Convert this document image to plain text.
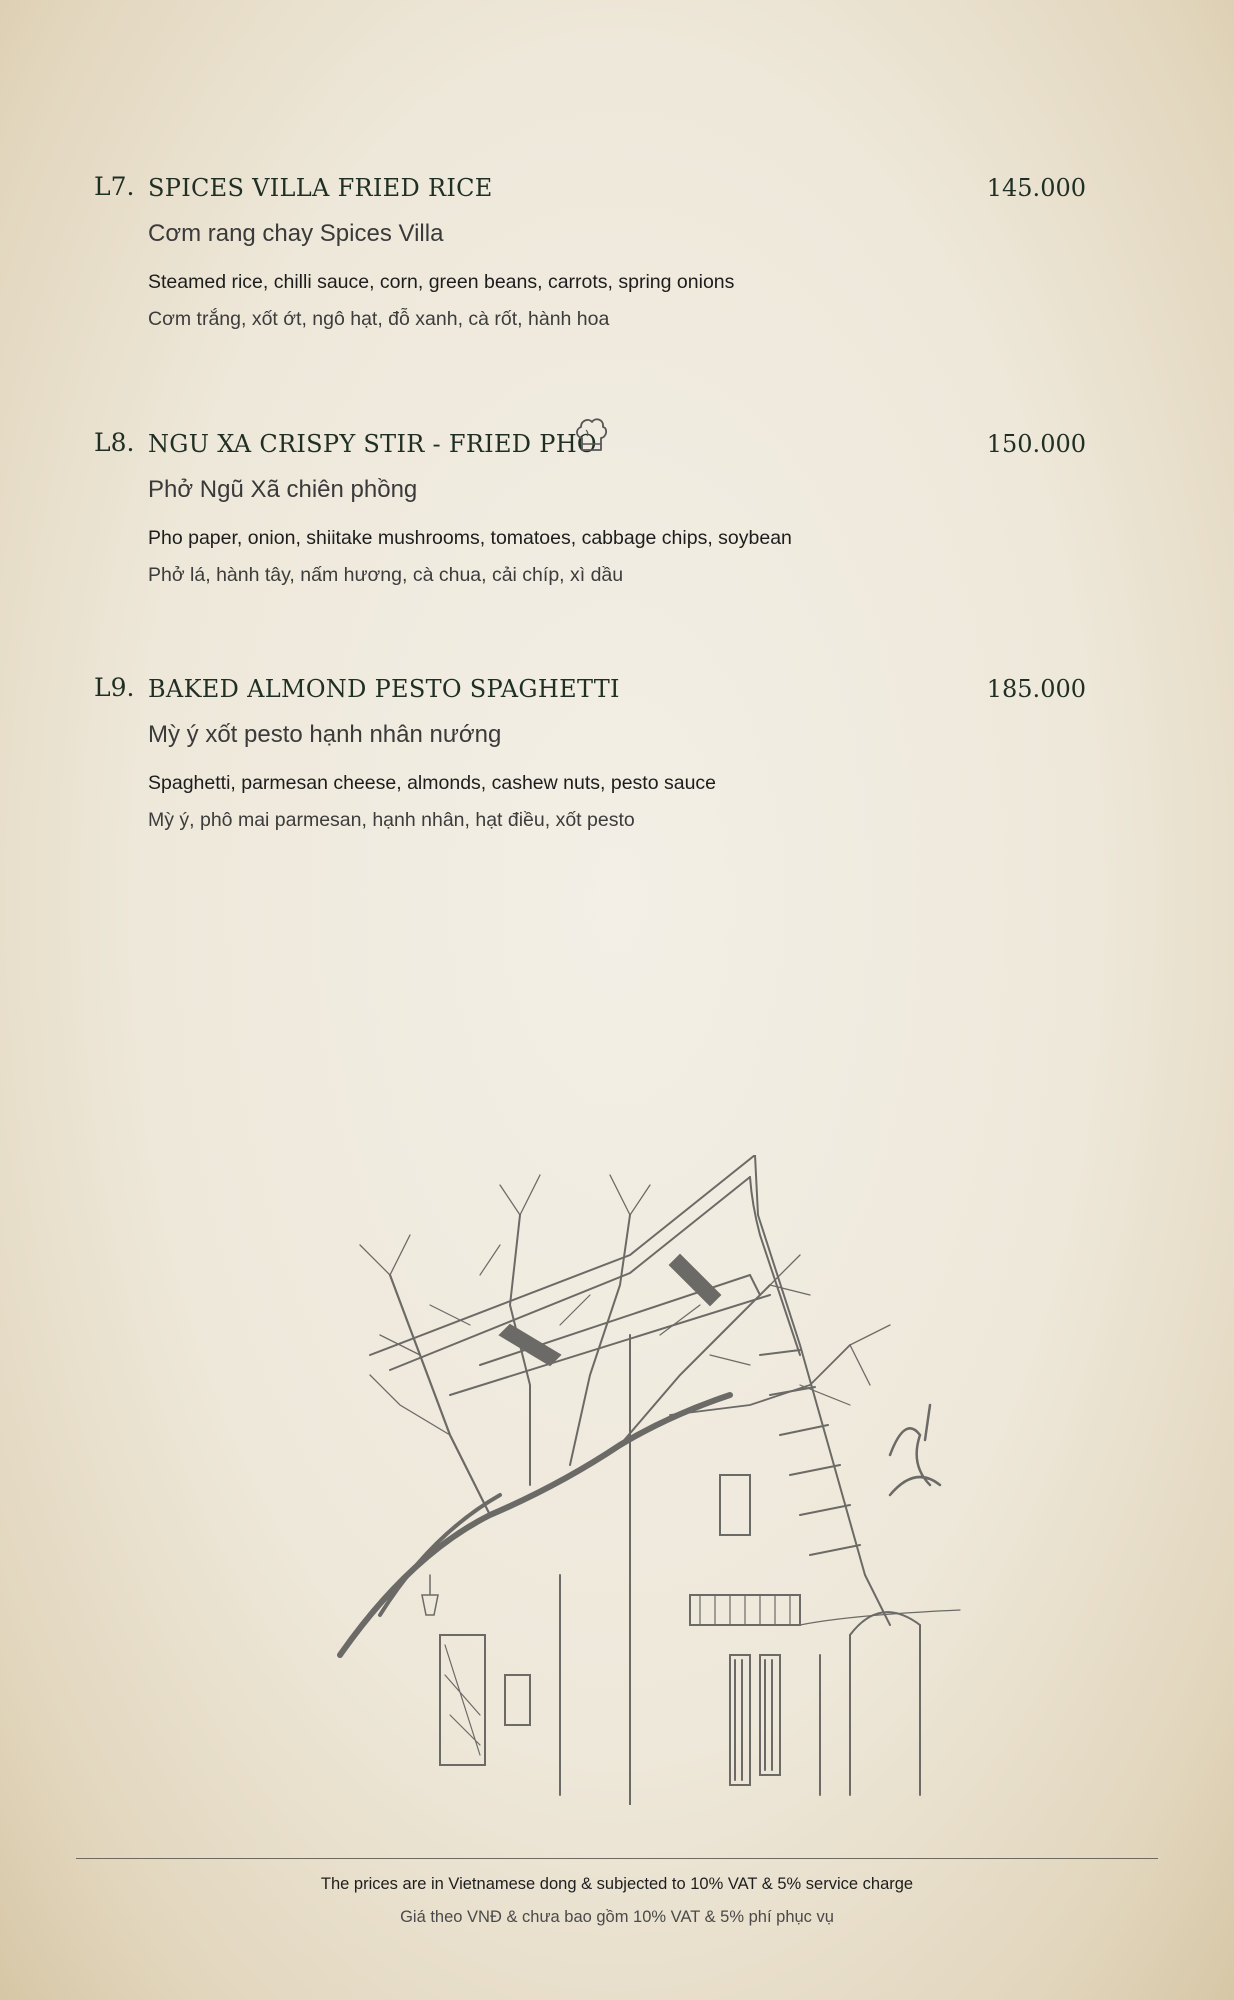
L7. SPICES VILLA FRIED RICE	145.000
Cơm rang chay Spices Villa
Steamed rice, chilli sauce, corn, green beans, carrots, spring onions
Cơm trắng, xốt ớt, ngô hạt, đỗ xanh, cà rốt, hành hoa
L8. NGU XA CRISPY STIR - FRIED PHO	150.000
Phở Ngũ Xã chiên phồng
Pho paper, onion, shiitake mushrooms, tomatoes, cabbage chips, soybean
Phở lá, hành tây, nấm hương, cà chua, cải chíp, xì dầu
L9. BAKED ALMOND PESTO SPAGHETTI	185.000
Mỳ ý xốt pesto hạnh nhân nướng
Spaghetti, parmesan cheese, almonds, cashew nuts, pesto sauce
Mỳ ý, phô mai parmesan, hạnh nhân, hạt điều, xốt pesto
The prices are in Vietnamese dong & subjected to 10% VAT & 5% service charge
Giá theo VNĐ & chưa bao gồm 10% VAT & 5% phí phục vụ
